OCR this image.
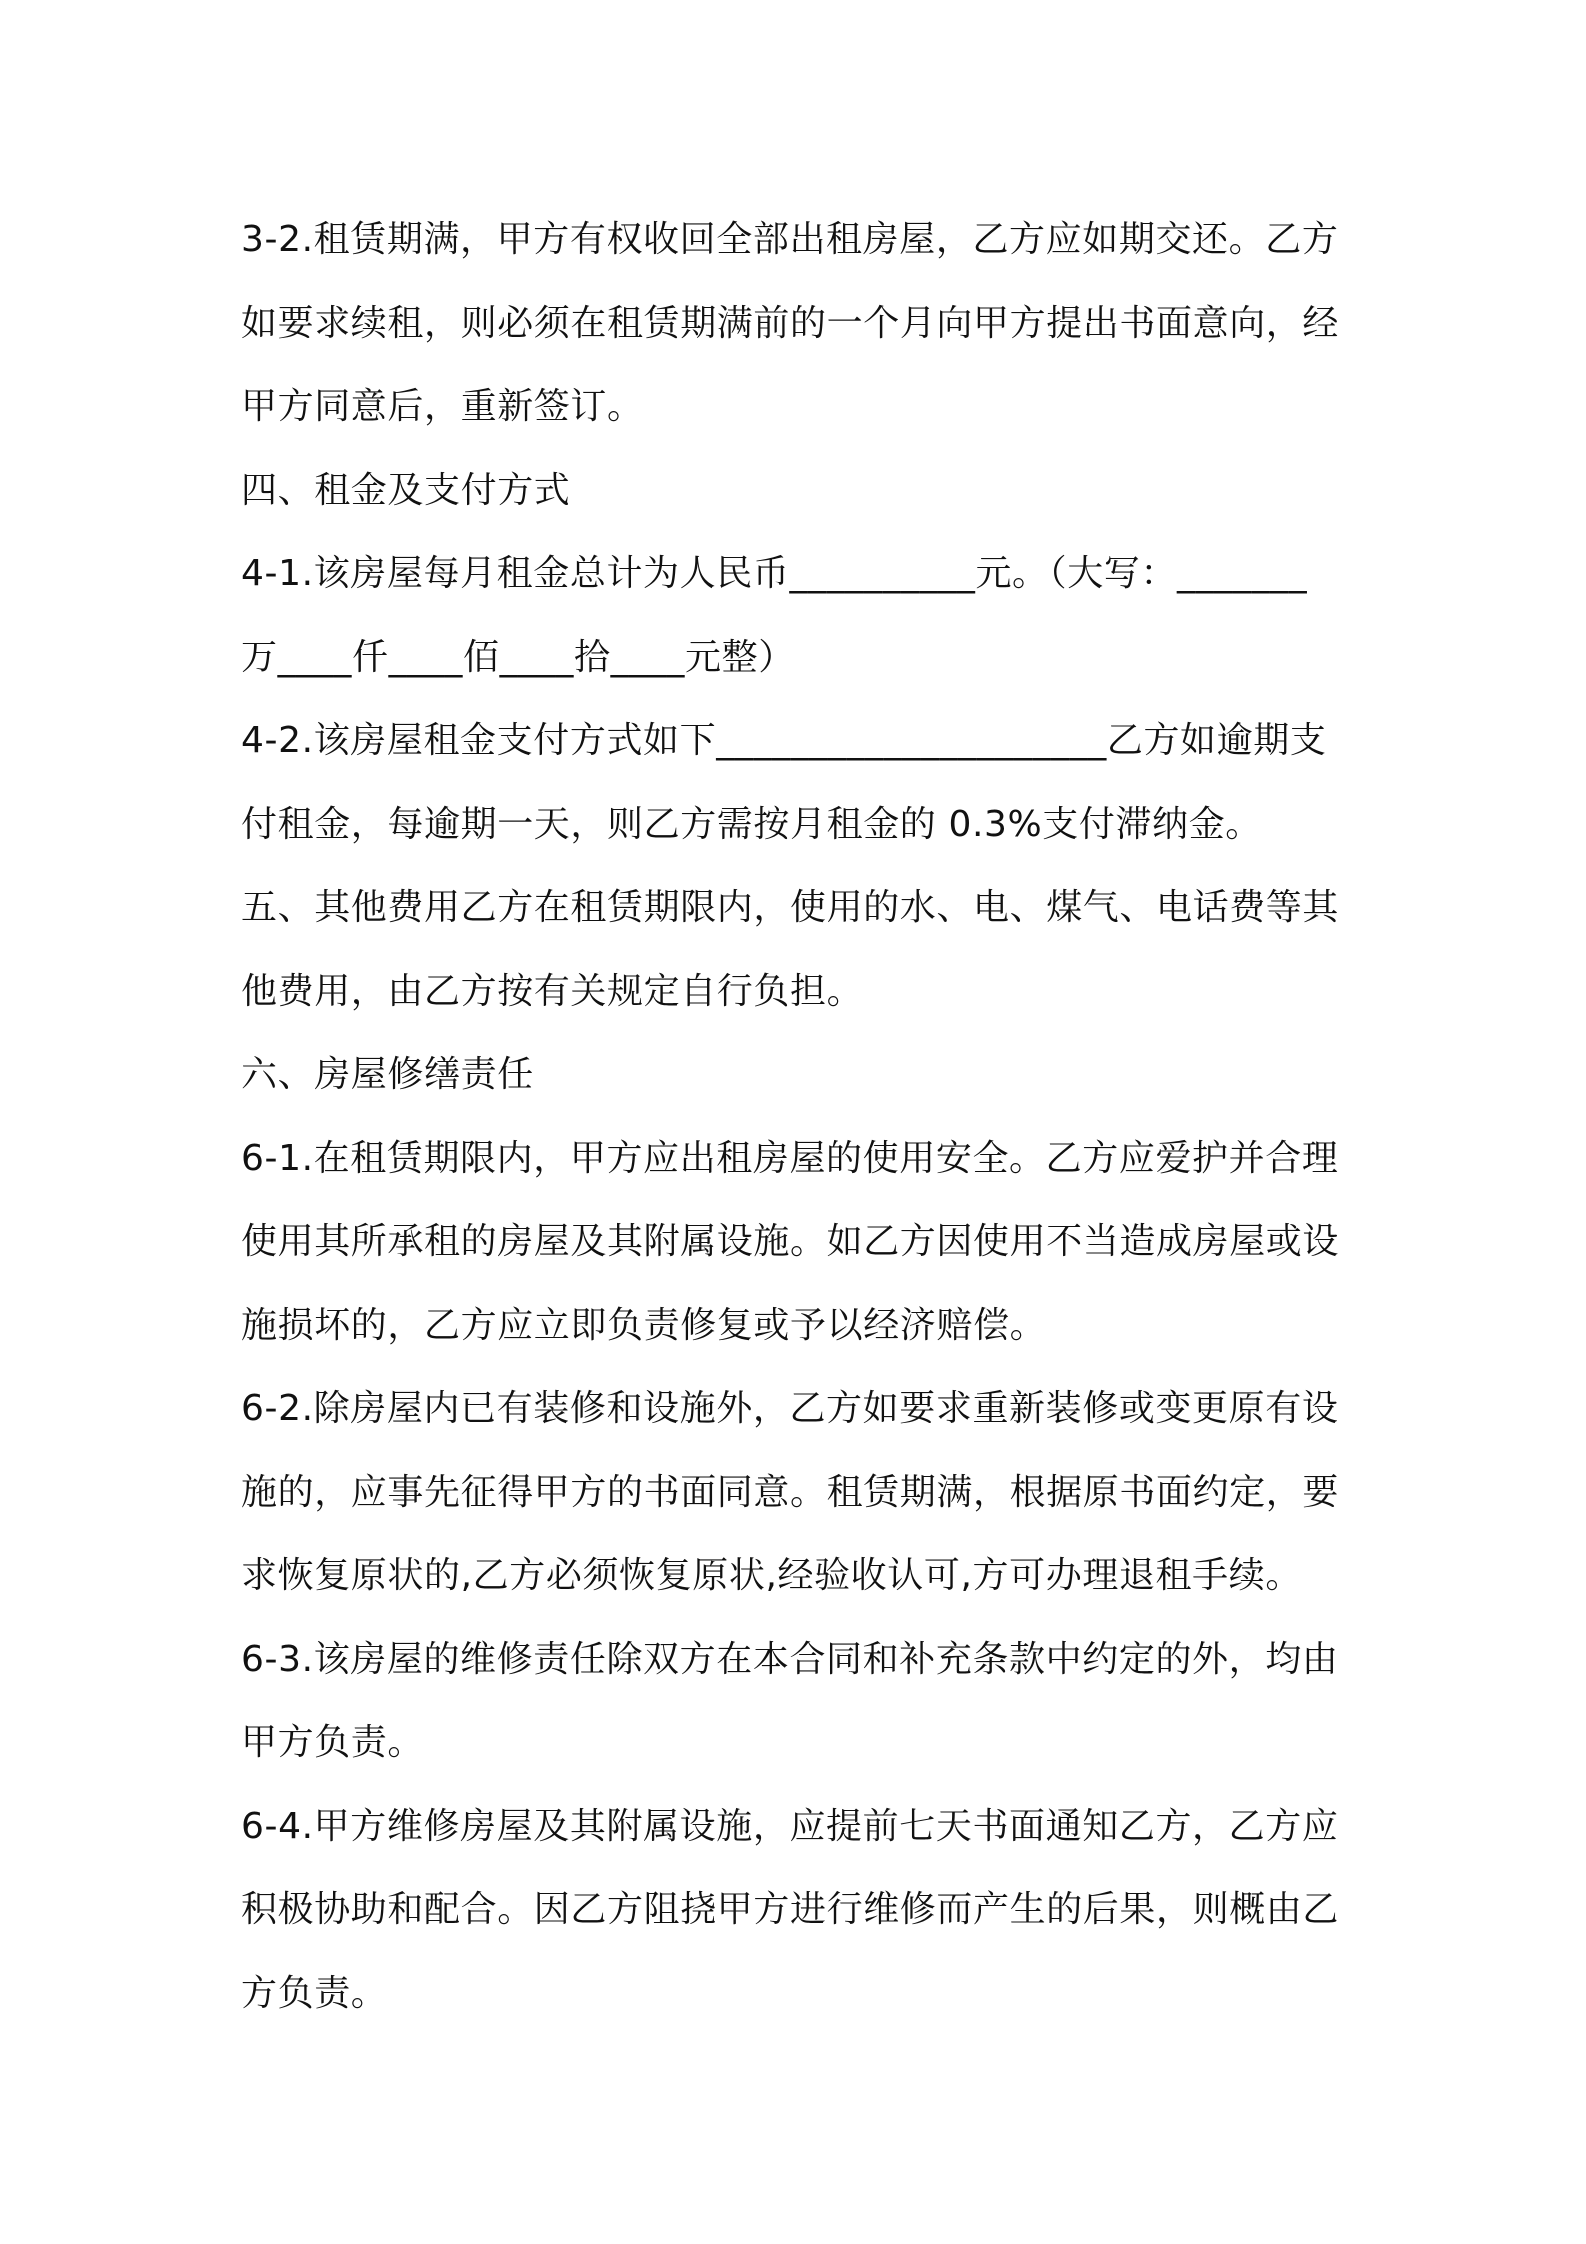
3-2.租赁期满，甲方有权收回全部出租房屋，乙方应如期交还。乙方
如要求续租，则必须在租赁期满前的一个月向甲方提出书面意向，经
甲方同意后，重新签订。
四、租金及支付方式
4-1.该房屋每月租金总计为人民币__________元。（大写：_______
万____仟____佰____拾____元整）
4-2.该房屋租金支付方式如下_____________________乙方如逾期支
付租金，每逾期一天，则乙方需按月租金的 0.3%支付滞纳金。
五、其他费用乙方在租赁期限内，使用的水、电、煤气、电话费等其
他费用，由乙方按有关规定自行负担。
六、房屋修缮责任
6-1.在租赁期限内，甲方应出租房屋的使用安全。乙方应爱护并合理
使用其所承租的房屋及其附属设施。如乙方因使用不当造成房屋或设
施损坏的，乙方应立即负责修复或予以经济赔偿。
6-2.除房屋内已有装修和设施外，乙方如要求重新装修或变更原有设
施的，应事先征得甲方的书面同意。租赁期满，根据原书面约定，要
求恢复原状的,乙方必须恢复原状,经验收认可,方可办理退租手续。
6-3.该房屋的维修责任除双方在本合同和补充条款中约定的外，均由
甲方负责。
6-4.甲方维修房屋及其附属设施，应提前七天书面通知乙方，乙方应
积极协助和配合。因乙方阻挠甲方进行维修而产生的后果，则概由乙
方负责。
